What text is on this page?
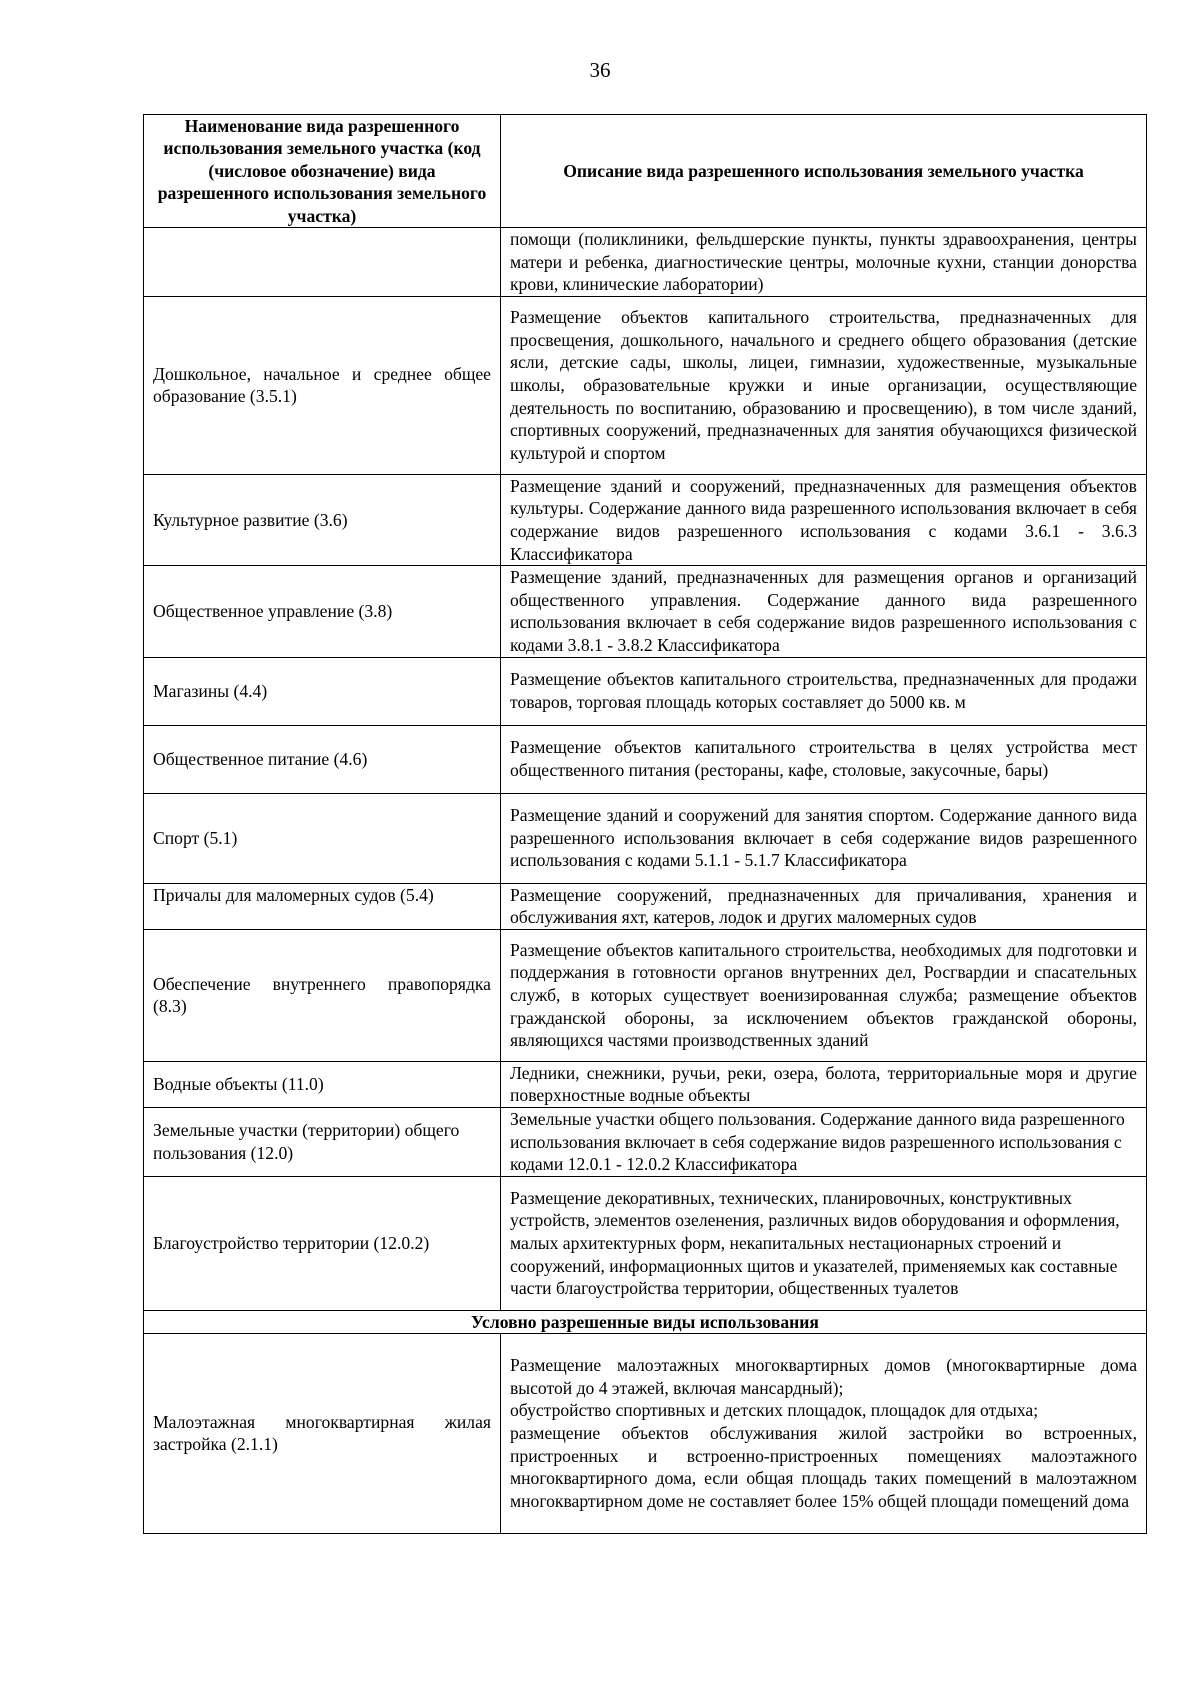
36
Наименование вида разрешенного использования земельного участка (код (числовое обозначение) вида разрешенного использования земельного участка)	Описание вида разрешенного использования земельного участка
	помощи (поликлиники, фельдшерские пункты, пункты здравоохранения, центры матери и ребенка, диагностические центры, молочные кухни, станции донорства крови, клинические лаборатории)
Дошкольное, начальное и среднее общее образование (3.5.1)	Размещение объектов капитального строительства, предназначенных для просвещения, дошкольного, начального и среднего общего образования (детские ясли, детские сады, школы, лицеи, гимназии, художественные, музыкальные школы, образовательные кружки и иные организации, осуществляющие деятельность по воспитанию, образованию и просвещению), в том числе зданий, спортивных сооружений, предназначенных для занятия обучающихся физической культурой и спортом
Культурное развитие (3.6)	Размещение зданий и сооружений, предназначенных для размещения объектов культуры. Содержание данного вида разрешенного использования включает в себя содержание видов разрешенного использования с кодами 3.6.1 - 3.6.3 Классификатора
Общественное управление (3.8)	Размещение зданий, предназначенных для размещения органов и организаций общественного управления. Содержание данного вида разрешенного использования включает в себя содержание видов разрешенного использования с кодами 3.8.1 - 3.8.2 Классификатора
Магазины (4.4)	Размещение объектов капитального строительства, предназначенных для продажи товаров, торговая площадь которых составляет до 5000 кв. м
Общественное питание (4.6)	Размещение объектов капитального строительства в целях устройства мест общественного питания (рестораны, кафе, столовые, закусочные, бары)
Спорт (5.1)	Размещение зданий и сооружений для занятия спортом. Содержание данного вида разрешенного использования включает в себя содержание видов разрешенного использования с кодами 5.1.1 - 5.1.7 Классификатора
Причалы для маломерных судов (5.4)	Размещение сооружений, предназначенных для причаливания, хранения и обслуживания яхт, катеров, лодок и других маломерных судов
Обеспечение внутреннего правопорядка (8.3)	Размещение объектов капитального строительства, необходимых для подготовки и поддержания в готовности органов внутренних дел, Росгвардии и спасательных служб, в которых существует военизированная служба; размещение объектов гражданской обороны, за исключением объектов гражданской обороны, являющихся частями производственных зданий
Водные объекты (11.0)	Ледники, снежники, ручьи, реки, озера, болота, территориальные моря и другие поверхностные водные объекты
Земельные участки (территории) общего пользования (12.0)	Земельные участки общего пользования. Содержание данного вида разрешенного использования включает в себя содержание видов разрешенного использования с кодами 12.0.1 - 12.0.2 Классификатора
Благоустройство территории (12.0.2)	Размещение декоративных, технических, планировочных, конструктивных устройств, элементов озеленения, различных видов оборудования и оформления, малых архитектурных форм, некапитальных нестационарных строений и сооружений, информационных щитов и указателей, применяемых как составные части благоустройства территории, общественных туалетов
Условно разрешенные виды использования	
Малоэтажная многоквартирная жилая застройка (2.1.1)	Размещение малоэтажных многоквартирных домов (многоквартирные дома высотой до 4 этажей, включая мансардный);
обустройство спортивных и детских площадок, площадок для отдыха;
размещение объектов обслуживания жилой застройки во встроенных, пристроенных и встроенно-пристроенных помещениях малоэтажного многоквартирного дома, если общая площадь таких помещений в малоэтажном многоквартирном доме не составляет более 15% общей площади помещений дома
